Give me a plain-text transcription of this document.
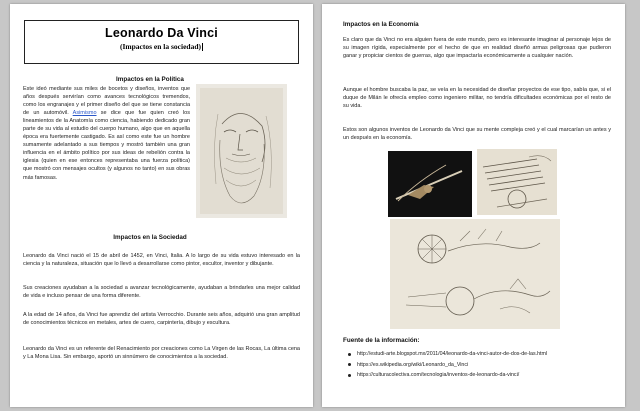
Leonardo Da Vinci
(Impactos en la sociedad)
Impactos en la Política

Este ideó mediante sus miles de bocetos y diseños, inventos que años después servirían como avances tecnológicos tremendos, como los engranajes y el primer diseño del que se tiene constancia de un automóvil. Asimismo se dice que fue quien creó los lineamientos de la Anatomía como ciencia, habiendo dedicado gran parte de su vida al estudio del cuerpo humano, algo que en aquella época era fuertemente castigado. Es así como este fue un hombre sumamente adelantado a sus tiempos y mostró también una gran influencia en el ámbito político por sus ideas de rebelión contra la iglesia (quien en ese entonces representaba una fuerza política) que mostró con mensajes ocultos (y algunos no tanto) en sus obras más famosas.

Impactos en la Sociedad

Leonardo da Vinci nació el 15 de abril de 1452, en Vinci, Italia. A lo largo de su vida estuvo interesado en la ciencia y la naturaleza, situación que lo llevó a desarrollarse como pintor, escultor, inventor y dibujante.

Sus creaciones ayudaban a la sociedad a avanzar tecnológicamente, ayudaban a brindarles una mejor calidad de vida e incluso pensar de una forma diferente.

A la edad de 14 años, da Vinci fue aprendiz del artista Verrocchio. Durante seis años, adquirió una gran amplitud de conocimientos técnicos en metales, artes de cuero, carpintería, dibujo y escultura.

Leonardo da Vinci es un referente del Renacimiento por creaciones como La Virgen de las Rocas, La última cena y La Mona Lisa. Sin embargo, aportó un sinnúmero de conocimientos a la sociedad.

Impactos en la Economía

Es claro que da Vinci no era alguien fuera de este mundo, pero es interesante imaginar al personaje lejos de su imagen rígida, especialmente por el hecho de que en realidad diseñó armas peligrosas que pudieron ganar y propiciar cientos de guerras, algo que impactaría económicamente a cualquier nación.

Aunque el hombre buscaba la paz, se veía en la necesidad de diseñar proyectos de ese tipo, sabía que, si el duque de Milán le ofrecía empleo como ingeniero militar, no tendría dificultades económicas por el resto de su vida.

Estos son algunos inventos de Leonardo da Vinci que su mente compleja creó y el cual marcarían un antes y un después en la economía.

Fuente de la información:
http://estudi-arte.blogspot.mx/2011/04/leonardo-da-vinci-autor-de-dos-de-las.html
https://es.wikipedia.org/wiki/Leonardo_da_Vinci
https://culturacolectiva.com/tecnologia/inventos-de-leonardo-da-vinci/
